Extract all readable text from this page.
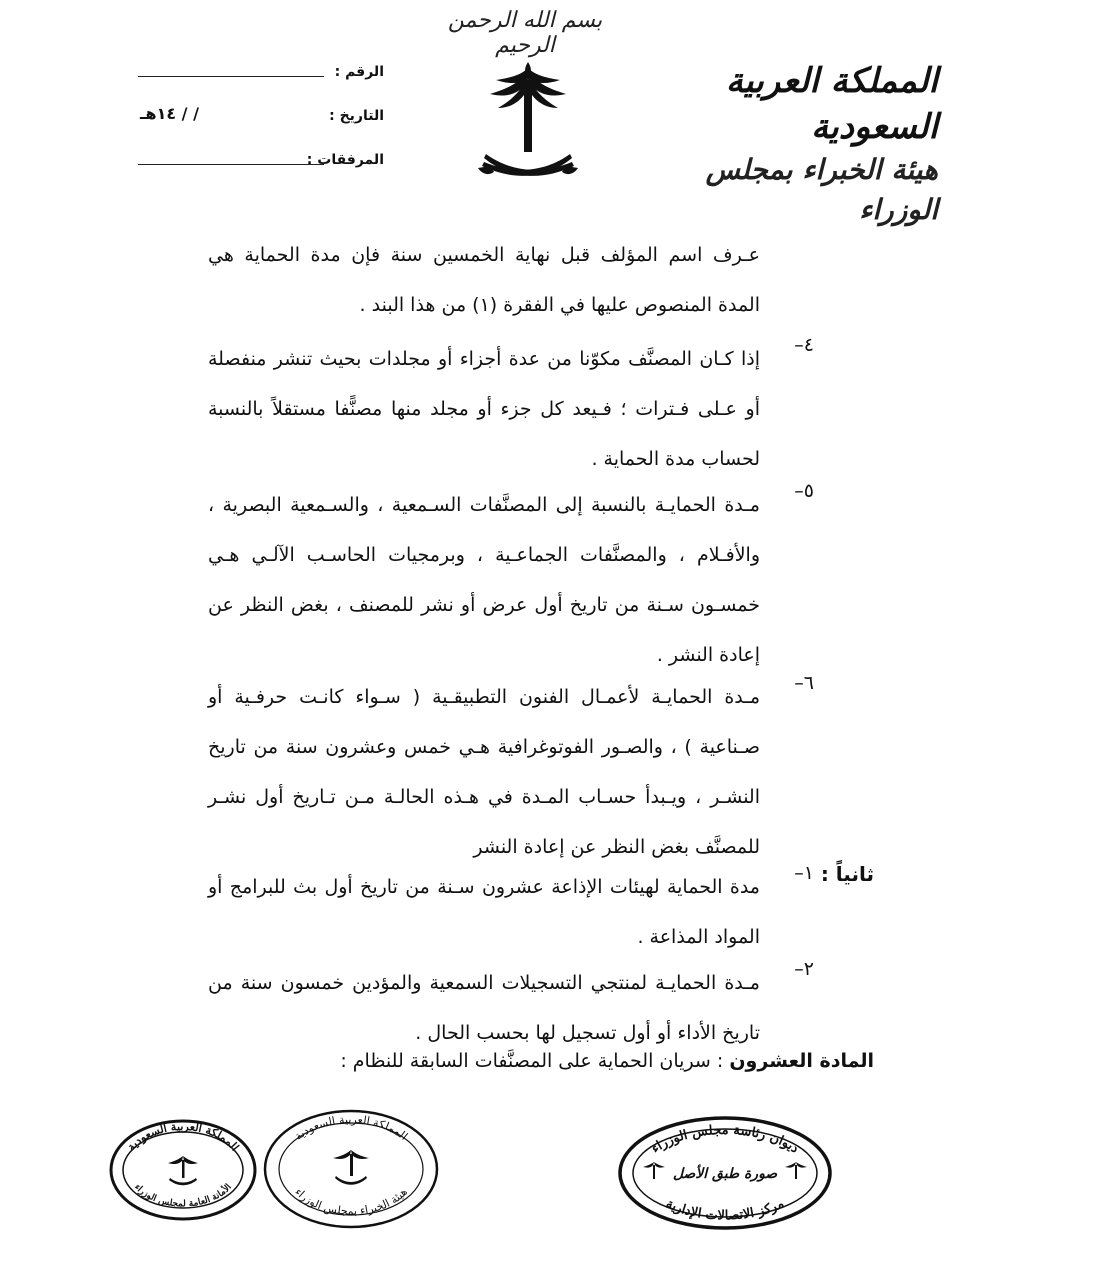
بسم الله الرحمن الرحيم
المملكة العربية السعودية
هيئة الخبراء بمجلس الوزراء
الرقم :
التاريخ :
/ / ١٤هـ
المرفقات :
عـرف اسم المؤلف قبل نهاية الخمسين سنة فإن مدة الحماية هي المدة المنصوص عليها في الفقرة (١) من هذا البند .
٤–
إذا كـان المصنَّف مكوّنا من عدة أجزاء أو مجلدات بحيث تنشر منفصلة أو عـلى فـترات ؛ فـيعد كل جزء أو مجلد منها مصنًّفا مستقلاً بالنسبة لحساب مدة الحماية .
٥–
مـدة الحمايـة بالنسبة إلى المصنَّفات السـمعية ، والسـمعية البصرية ، والأفـلام ، والمصنَّفات الجماعـية ، وبرمجيات الحاسـب الآلـي هـي خمسـون سـنة من تاريخ أول عرض أو نشر للمصنف ، بغض النظر عن إعادة النشر .
٦–
مـدة الحمايـة لأعمـال الفنون التطبيقـية ( سـواء كانـت حرفـية أو صـناعية ) ، والصـور الفوتوغرافية هـي خمس وعشرون سنة من تاريخ النشـر ، ويـبدأ حسـاب المـدة في هـذه الحالـة مـن تـاريخ أول نشـر للمصنَّف بغض النظر عن إعادة النشر
ثانياً :
١–
مدة الحماية لهيئات الإذاعة عشرون سـنة من تاريخ أول بث للبرامج أو المواد المذاعة .
٢–
مـدة الحمايـة لمنتجي التسجيلات السمعية والمؤدين خمسون سنة من تاريخ الأداء أو أول تسجيل لها بحسب الحال .
المادة العشرون : سريان الحماية على المصنَّفات السابقة للنظام :
المملكة العربية السعودية
الأمانة العامة لمجلس الوزراء
المملكة العربية السعودية
هيئة الخبراء بمجلس الوزراء
ديوان رئاسة مجلس الوزراء
مركز الاتصالات الإدارية
صورة طبق الأصل
